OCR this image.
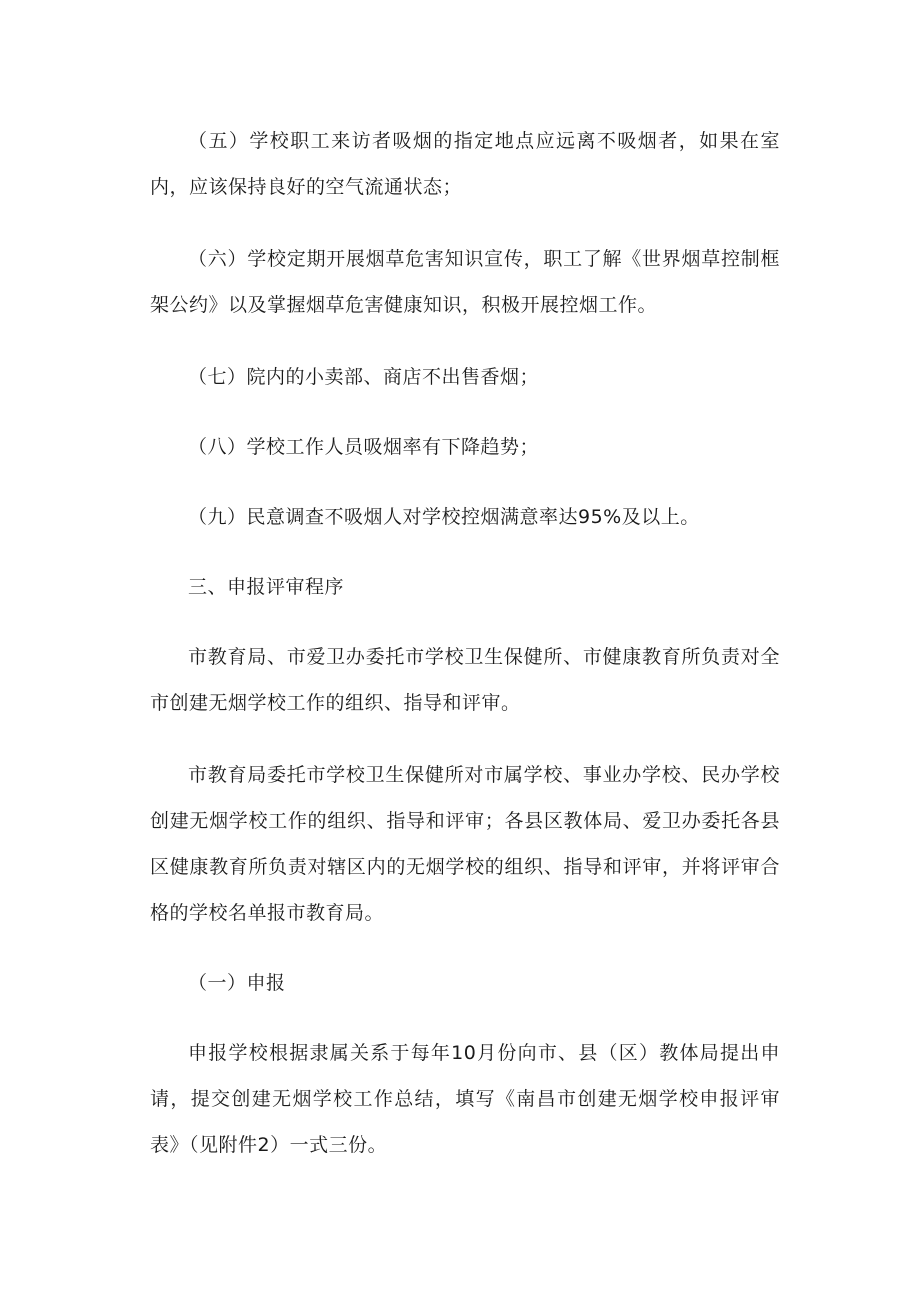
（五）学校职工来访者吸烟的指定地点应远离不吸烟者，如果在室内，应该保持良好的空气流通状态；

（六）学校定期开展烟草危害知识宣传，职工了解《世界烟草控制框架公约》以及掌握烟草危害健康知识，积极开展控烟工作。

（七）院内的小卖部、商店不出售香烟；

（八）学校工作人员吸烟率有下降趋势；

（九）民意调查不吸烟人对学校控烟满意率达95%及以上。

三、申报评审程序

市教育局、市爱卫办委托市学校卫生保健所、市健康教育所负责对全市创建无烟学校工作的组织、指导和评审。

市教育局委托市学校卫生保健所对市属学校、事业办学校、民办学校创建无烟学校工作的组织、指导和评审；各县区教体局、爱卫办委托各县区健康教育所负责对辖区内的无烟学校的组织、指导和评审，并将评审合格的学校名单报市教育局。

（一）申报

申报学校根据隶属关系于每年10月份向市、县（区）教体局提出申请，提交创建无烟学校工作总结，填写《南昌市创建无烟学校申报评审表》（见附件2）一式三份。
